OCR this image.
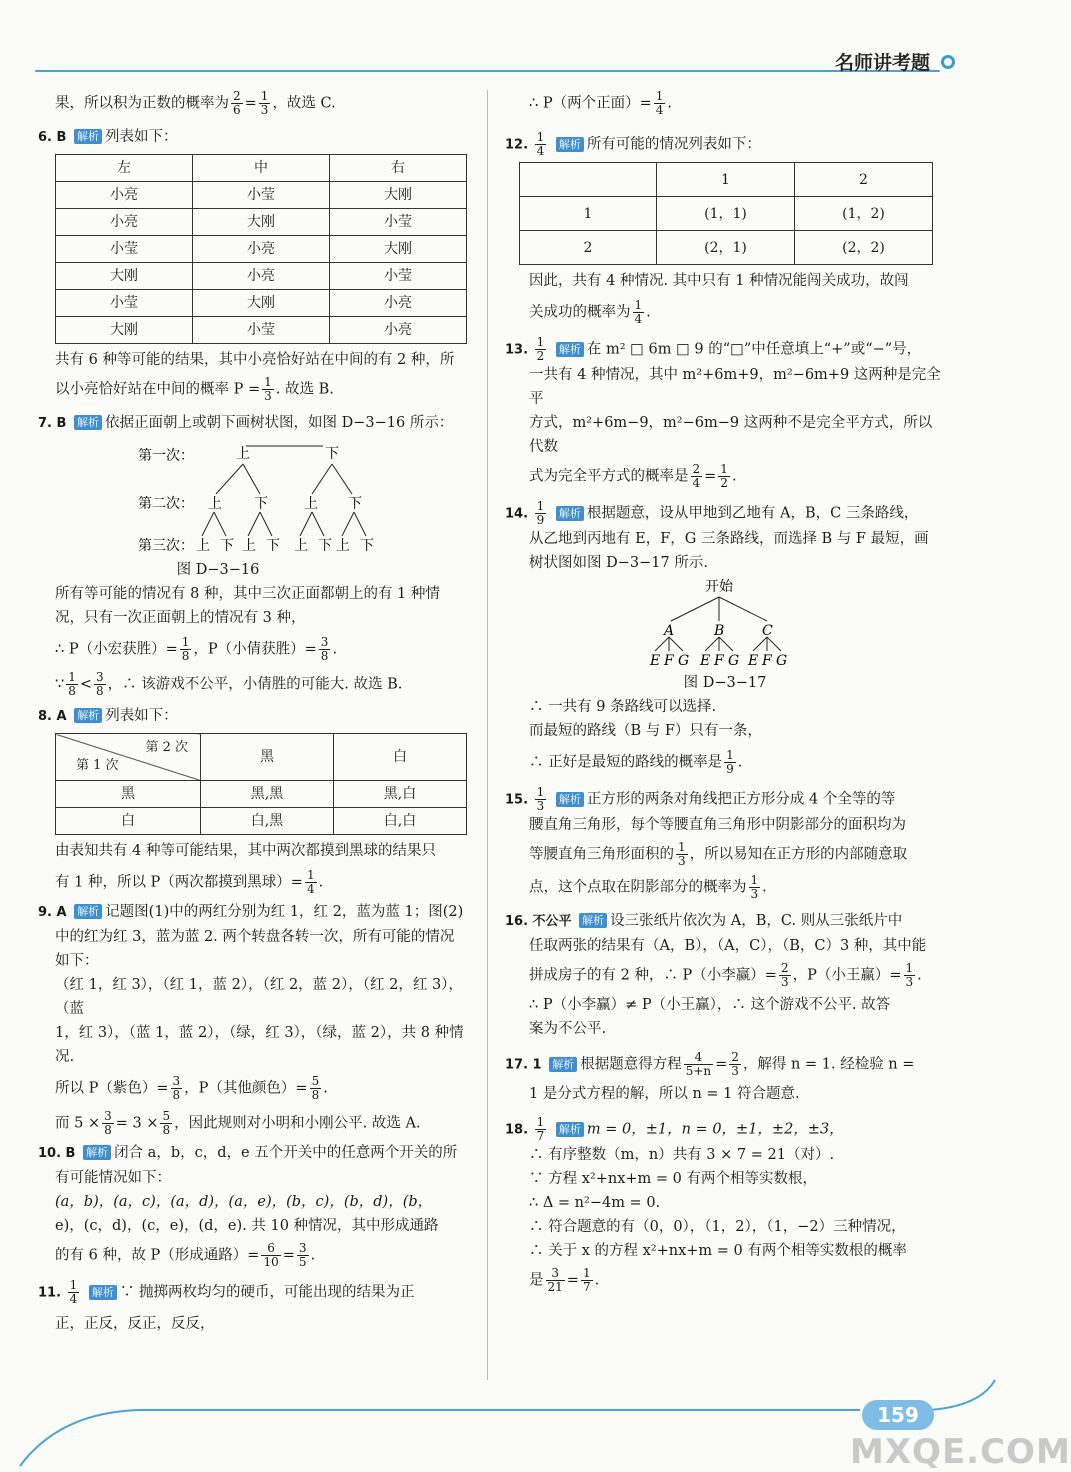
名师讲考题

果，所以积为正数的概率为 $\frac{2}{6} = \frac{1}{3}$ ，故选 C.

6. B 解析 列表如下：

左	中	右
小亮	小莹	大刚
小亮	大刚	小莹
小莹	小亮	大刚
大刚	小亮	小莹
小莹	大刚	小亮
大刚	小莹	小亮

共有 6 种等可能的结果，其中小亮恰好站在中间的有 2 种，所

以小亮恰好站在中间的概率 $P = \frac{1}{3}$ . 故选 B.

7. B 解析 依据正面朝上或朝下画树状图，如图 D−3−16 所示：

第一次：
第二次：
第三次：
上	下
上 下	上 下
上 下 上 下 上 下 上 下

图 D−3−16

所有等可能的情况有 8 种，其中三次正面都朝上的有 1 种情

况，只有一次正面朝上的情况有 3 种，

∴ P（小宏获胜）= $\frac{1}{8}$ ，P（小倩获胜）= $\frac{3}{8}$ .

∵ $\frac{1}{8} < \frac{3}{8}$ ，∴ 该游戏不公平，小倩胜的可能大. 故选 B.

8. A 解析 列表如下：

第 2 次
第 1 次	黑	白
黑	黑,黑	黑,白
白	白,黑	白,白

由表知共有 4 种等可能结果，其中两次都摸到黑球的结果只

有 1 种，所以 P（两次都摸到黑球）= $\frac{1}{4}$ .

9. A 解析 记题图(1)中的两红分别为红 1，红 2，蓝为蓝 1；图(2)

中的红为红 3，蓝为蓝 2. 两个转盘各转一次，所有可能的情况

如下：

（红 1，红 3），（红 1，蓝 2），（红 2，蓝 2），（红 2，红 3），（蓝

1，红 3），（蓝 1，蓝 2），（绿，红 3），（绿，蓝 2），共 8 种情况.

所以 P（紫色）= $\frac{3}{8}$ ，P（其他颜色）= $\frac{5}{8}$ .

而 $5 \times \frac{3}{8} = 3 \times \frac{5}{8}$ ，因此规则对小明和小刚公平. 故选 A.

10. B 解析 闭合 a，b，c，d，e 五个开关中的任意两个开关的所

有可能情况如下：

(a，b)，(a，c)，(a，d)，(a，e)，(b，c)，(b，d)，(b，

e)，(c，d)，(c，e)，(d，e). 共 10 种情况，其中形成通路

的有 6 种，故 P（形成通路）= $\frac{6}{10} = \frac{3}{5}$ .

11. $\frac{1}{4}$ 解析 ∵ 抛掷两枚均匀的硬币，可能出现的结果为正

正，正反，反正，反反，

∴ P（两个正面）= $\frac{1}{4}$ .

12. $\frac{1}{4}$ 解析 所有可能的情况列表如下：

	1	2
1	(1，1)	(1，2)
2	(2，1)	(2，2)

因此，共有 4 种情况. 其中只有 1 种情况能闯关成功，故闯

关成功的概率为 $\frac{1}{4}$ .

13. $\frac{1}{2}$ 解析 在 m² □ 6m □ 9 的“□”中任意填上“+”或“−”号，

一共有 4 种情况，其中 m²+6m+9，m²−6m+9 这两种是完全平

方式，m²+6m−9，m²−6m−9 这两种不是完全平方式，所以代数

式为完全平方式的概率是 $\frac{2}{4} = \frac{1}{2}$ .

14. $\frac{1}{9}$ 解析 根据题意，设从甲地到乙地有 A，B，C 三条路线，

从乙地到丙地有 E，F，G 三条路线，而选择 B 与 F 最短，画

树状图如图 D−3−17 所示.

开始
A	B	C
E F G E F G E F G

图 D−3−17

∴ 一共有 9 条路线可以选择.

而最短的路线（B 与 F）只有一条，

∴ 正好是最短的路线的概率是 $\frac{1}{9}$ .

15. $\frac{1}{3}$ 解析 正方形的两条对角线把正方形分成 4 个全等的等

腰直角三角形，每个等腰直角三角形中阴影部分的面积均为

等腰直角三角形面积的 $\frac{1}{3}$ ，所以易知在正方形的内部随意取

点，这个点取在阴影部分的概率为 $\frac{1}{3}$ .

16. 不公平 解析 设三张纸片依次为 A，B，C. 则从三张纸片中

任取两张的结果有（A，B），（A，C），（B，C）3 种，其中能

拼成房子的有 2 种，∴ P（小李赢）= $\frac{2}{3}$ ，P（小王赢）= $\frac{1}{3}$ .

∴ P（小李赢）≠ P（小王赢），∴ 这个游戏不公平. 故答

案为不公平.

17. 1 解析 根据题意得方程 $\frac{4}{5+n} = \frac{2}{3}$ ，解得 n = 1. 经检验 n =

1 是分式方程的解，所以 n = 1 符合题意.

18. $\frac{1}{7}$ 解析 m = 0，±1，n = 0，±1，±2，±3，

∴ 有序整数（m，n）共有 3 × 7 = 21（对）.

∵ 方程 x²+nx+m = 0 有两个相等实数根，

∴ Δ = n²−4m = 0.

∴ 符合题意的有（0，0），（1，2），（1，−2）三种情况，

∴ 关于 x 的方程 x²+nx+m = 0 有两个相等实数根的概率

是 $\frac{3}{21} = \frac{1}{7}$ .

159
MXQE.COM
